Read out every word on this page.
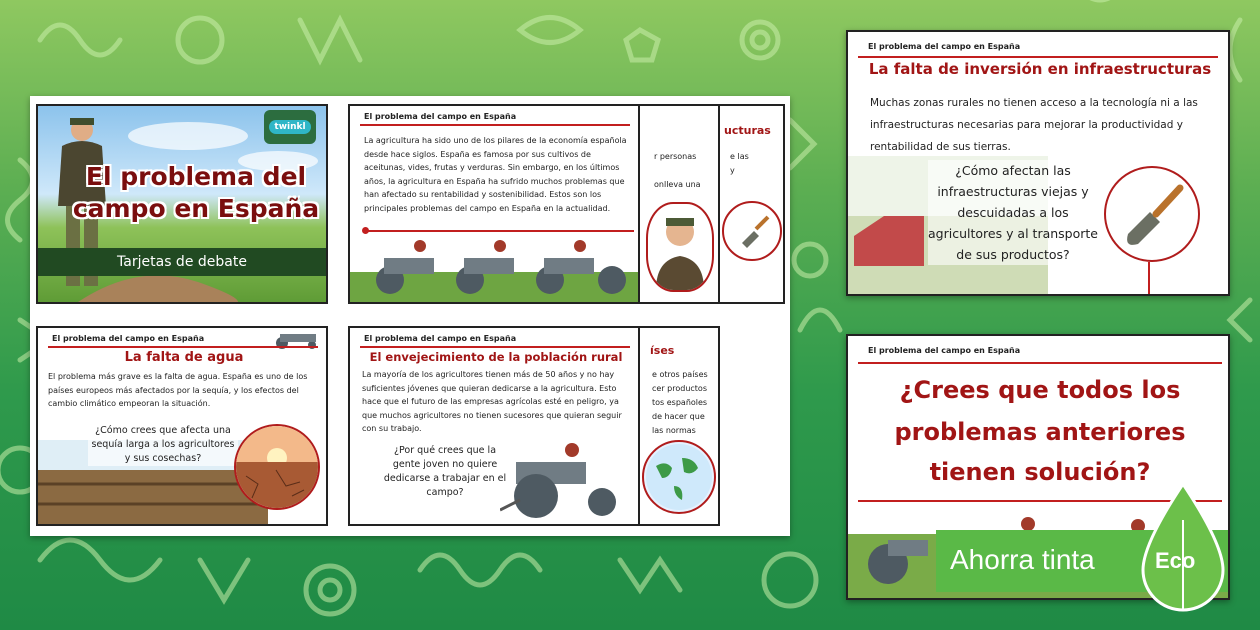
ucturas
e las
y
r personas
onlleva una
íses
e otros países
cer productos
tos españoles
de hacer que
las normas
twinkl
El problema del
campo en España
Tarjetas de debate
El problema del campo en España
La agricultura ha sido uno de los pilares de la economía española desde hace siglos. España es famosa por sus cultivos de aceitunas, vides, frutas y verduras. Sin embargo, en los últimos años, la agricultura en España ha sufrido muchos problemas que han afectado su rentabilidad y sostenibilidad. Estos son los principales problemas del campo en España en la actualidad.
El problema del campo en España
La falta de agua
El problema más grave es la falta de agua. España es uno de los países europeos más afectados por la sequía, y los efectos del cambio climático empeoran la situación.
¿Cómo crees que afecta una sequía larga a los agricultores y sus cosechas?
El problema del campo en España
El envejecimiento de la población rural
La mayoría de los agricultores tienen más de 50 años y no hay suficientes jóvenes que quieran dedicarse a la agricultura. Esto hace que el futuro de las empresas agrícolas esté en peligro, ya que muchos agricultores no tienen sucesores que quieran seguir con su trabajo.
¿Por qué crees que la gente joven no quiere dedicarse a trabajar en el campo?
El problema del campo en España
La falta de inversión en infraestructuras
Muchas zonas rurales no tienen acceso a la tecnología ni a las infraestructuras necesarias para mejorar la productividad y rentabilidad de sus tierras.
¿Cómo afectan las infraestructuras viejas y descuidadas a los agricultores y al transporte de sus productos?
El problema del campo en España
¿Crees que todos los
problemas anteriores
tienen solución?
Ahorra tinta	Eco
